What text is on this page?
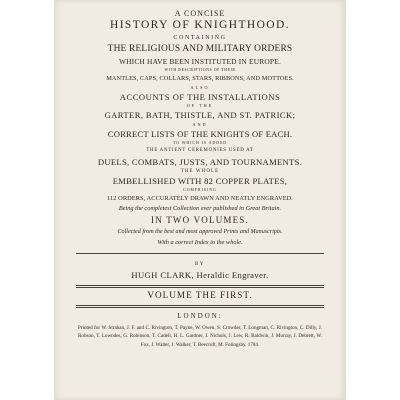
A CONCISE
HISTORY OF KNIGHTHOOD.
CONTAINING
THE RELIGIOUS AND MILITARY ORDERS
WHICH HAVE BEEN INSTITUTED IN EUROPE.
WITH DESCRIPTIONS OF THEIR
MANTLES, CAPS, COLLARS, STARS, RIBBONS, AND MOTTOES.
ALSO
ACCOUNTS OF THE INSTALLATIONS
OF THE
GARTER, BATH, THISTLE, AND ST. PATRICK;
AND
CORRECT LISTS OF THE KNIGHTS OF EACH.
TO WHICH IS ADDED
THE ANTIENT CEREMONIES USED AT
DUELS, COMBATS, JUSTS, AND TOURNAMENTS.
THE WHOLE
EMBELLISHED WITH 82 COPPER PLATES,
COMPRISING
112 ORDERS, ACCURATELY DRAWN AND NEATLY ENGRAVED.
Being the completest Collection ever published in Great Britain.
IN TWO VOLUMES.
Collected from the best and most approved Prints and Manuscripts.
With a correct Index to the whole.
BY
HUGH CLARK, Heraldic Engraver.
VOLUME THE FIRST.
LONDON:
Printed for W. Strahan, J. F. and C. Rivington, T. Payne, W. Owen, S. Crowder, T. Longman, C. Rivington, C. Dilly, J. Robson, T. Lowndes, G. Robinson, T. Cadell, H. L. Gardner, J. Nichols, J. Lew, R. Baldwin, J. Murray, J. Debrett, W. Fox, J. Walter, J. Walker, T. Beecroft, M. Folingsby. 1784.
